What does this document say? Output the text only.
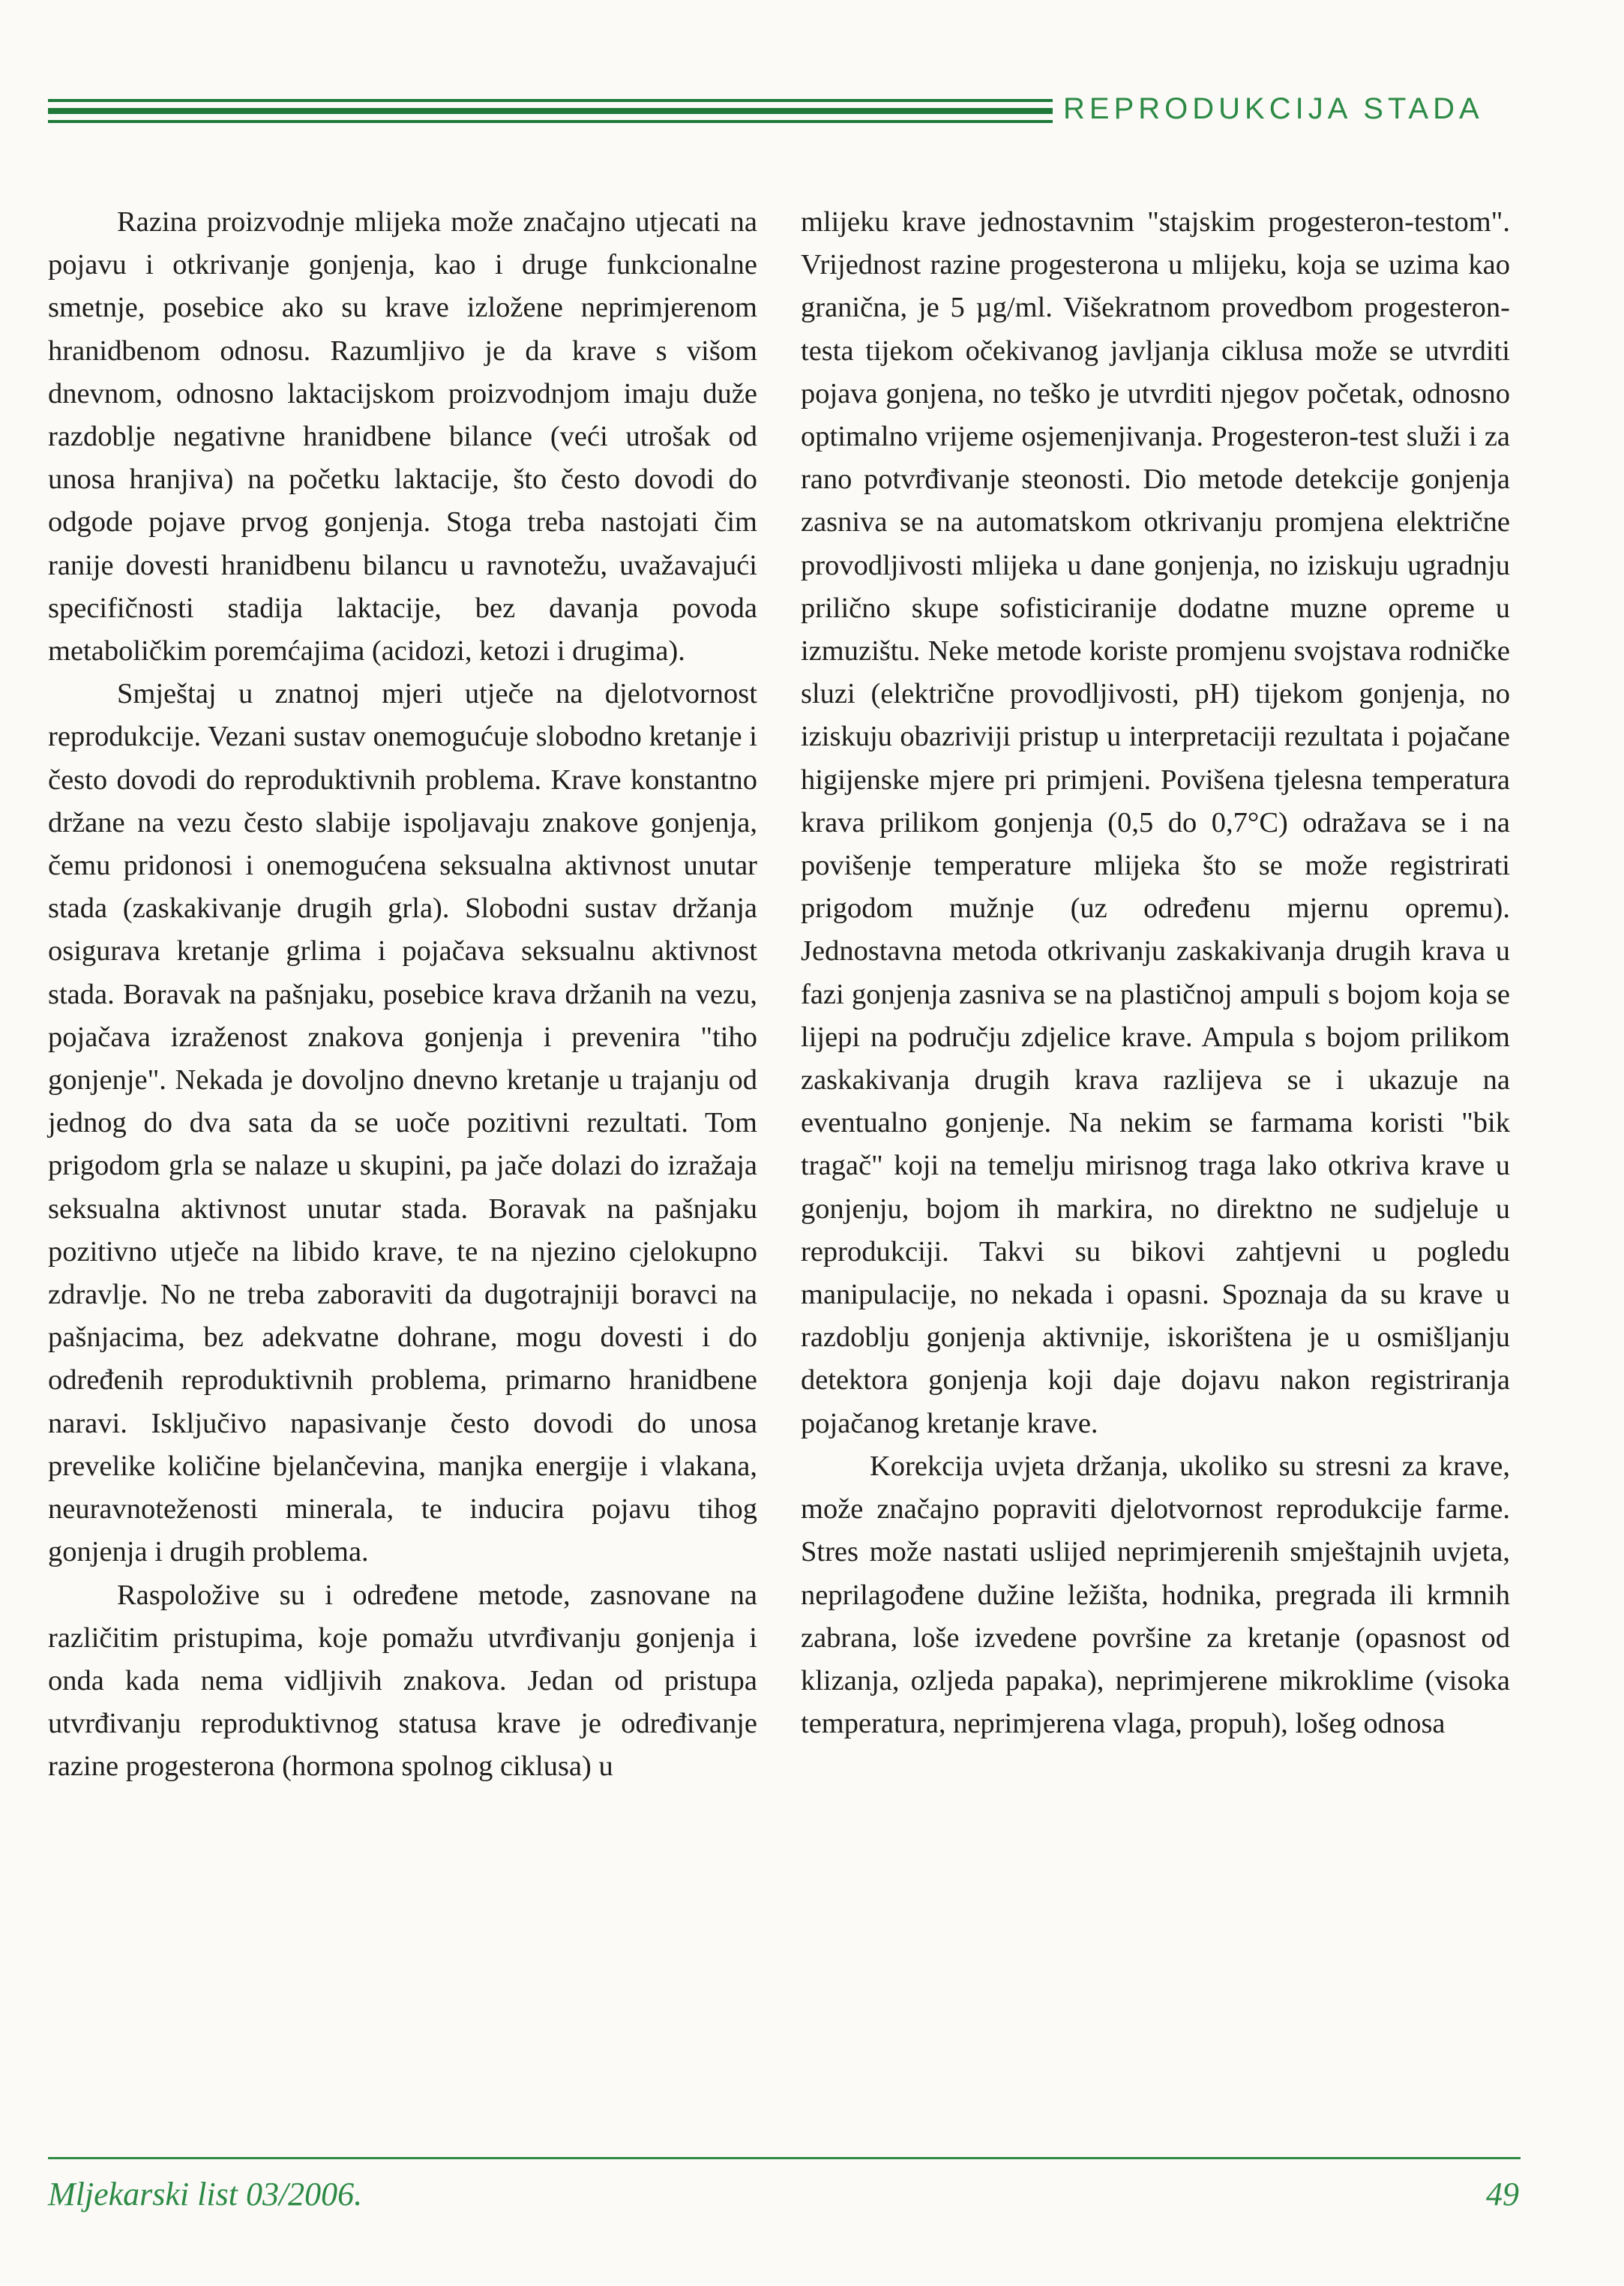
REPRODUKCIJA STADA

Razina proizvodnje mlijeka može značajno utjecati na pojavu i otkrivanje gonjenja, kao i druge funkcionalne smetnje, posebice ako su krave izložene neprimjerenom hranidbenom odnosu. Razumljivo je da krave s višom dnevnom, odnosno laktacijskom proizvodnjom imaju duže razdoblje negativne hranidbene bilance (veći utrošak od unosa hranjiva) na početku laktacije, što često dovodi do odgode pojave prvog gonjenja. Stoga treba nastojati čim ranije dovesti hranidbenu bilancu u ravnotežu, uvažavajući specifičnosti stadija laktacije, bez davanja povoda metaboličkim poremćajima (acidozi, ketozi i drugima).

Smještaj u znatnoj mjeri utječe na djelotvornost reprodukcije. Vezani sustav onemogućuje slobodno kretanje i često dovodi do reproduktivnih problema. Krave konstantno držane na vezu često slabije ispoljavaju znakove gonjenja, čemu pridonosi i onemogućena seksualna aktivnost unutar stada (zaskakivanje drugih grla). Slobodni sustav držanja osigurava kretanje grlima i pojačava seksualnu aktivnost stada. Boravak na pašnjaku, posebice krava držanih na vezu, pojačava izraženost znakova gonjenja i prevenira "tiho gonjenje". Nekada je dovoljno dnevno kretanje u trajanju od jednog do dva sata da se uoče pozitivni rezultati. Tom prigodom grla se nalaze u skupini, pa jače dolazi do izražaja seksualna aktivnost unutar stada. Boravak na pašnjaku pozitivno utječe na libido krave, te na njezino cjelokupno zdravlje. No ne treba zaboraviti da dugotrajniji boravci na pašnjacima, bez adekvatne dohrane, mogu dovesti i do određenih reproduktivnih problema, primarno hranidbene naravi. Isključivo napasivanje često dovodi do unosa prevelike količine bjelančevina, manjka energije i vlakana, neuravnoteženosti minerala, te inducira pojavu tihog gonjenja i drugih problema.

Raspoložive su i određene metode, zasnovane na različitim pristupima, koje pomažu utvrđivanju gonjenja i onda kada nema vidljivih znakova. Jedan od pristupa utvrđivanju reproduktivnog statusa krave je određivanje razine progesterona (hormona spolnog ciklusa) u

mlijeku krave jednostavnim "stajskim progesteron-testom". Vrijednost razine progesterona u mlijeku, koja se uzima kao granična, je 5 µg/ml. Višekratnom provedbom progesteron-testa tijekom očekivanog javljanja ciklusa može se utvrditi pojava gonjena, no teško je utvrditi njegov početak, odnosno optimalno vrijeme osjemenjivanja. Progesteron-test služi i za rano potvrđivanje steonosti. Dio metode detekcije gonjenja zasniva se na automatskom otkrivanju promjena električne provodljivosti mlijeka u dane gonjenja, no iziskuju ugradnju prilično skupe sofisticiranije dodatne muzne opreme u izmuzištu. Neke metode koriste promjenu svojstava rodničke sluzi (električne provodljivosti, pH) tijekom gonjenja, no iziskuju obazriviji pristup u interpretaciji rezultata i pojačane higijenske mjere pri primjeni. Povišena tjelesna temperatura krava prilikom gonjenja (0,5 do 0,7°C) odražava se i na povišenje temperature mlijeka što se može registrirati prigodom mužnje (uz određenu mjernu opremu). Jednostavna metoda otkrivanju zaskakivanja drugih krava u fazi gonjenja zasniva se na plastičnoj ampuli s bojom koja se lijepi na području zdjelice krave. Ampula s bojom prilikom zaskakivanja drugih krava razlijeva se i ukazuje na eventualno gonjenje. Na nekim se farmama koristi "bik tragač" koji na temelju mirisnog traga lako otkriva krave u gonjenju, bojom ih markira, no direktno ne sudjeluje u reprodukciji. Takvi su bikovi zahtjevni u pogledu manipulacije, no nekada i opasni. Spoznaja da su krave u razdoblju gonjenja aktivnije, iskorištena je u osmišljanju detektora gonjenja koji daje dojavu nakon registriranja pojačanog kretanje krave.

Korekcija uvjeta držanja, ukoliko su stresni za krave, može značajno popraviti djelotvornost reprodukcije farme. Stres može nastati uslijed neprimjerenih smještajnih uvjeta, neprilagođene dužine ležišta, hodnika, pregrada ili krmnih zabrana, loše izvedene površine za kretanje (opasnost od klizanja, ozljeda papaka), neprimjerene mikroklime (visoka temperatura, neprimjerena vlaga, propuh), lošeg odnosa

Mljekarski list 03/2006.	49
